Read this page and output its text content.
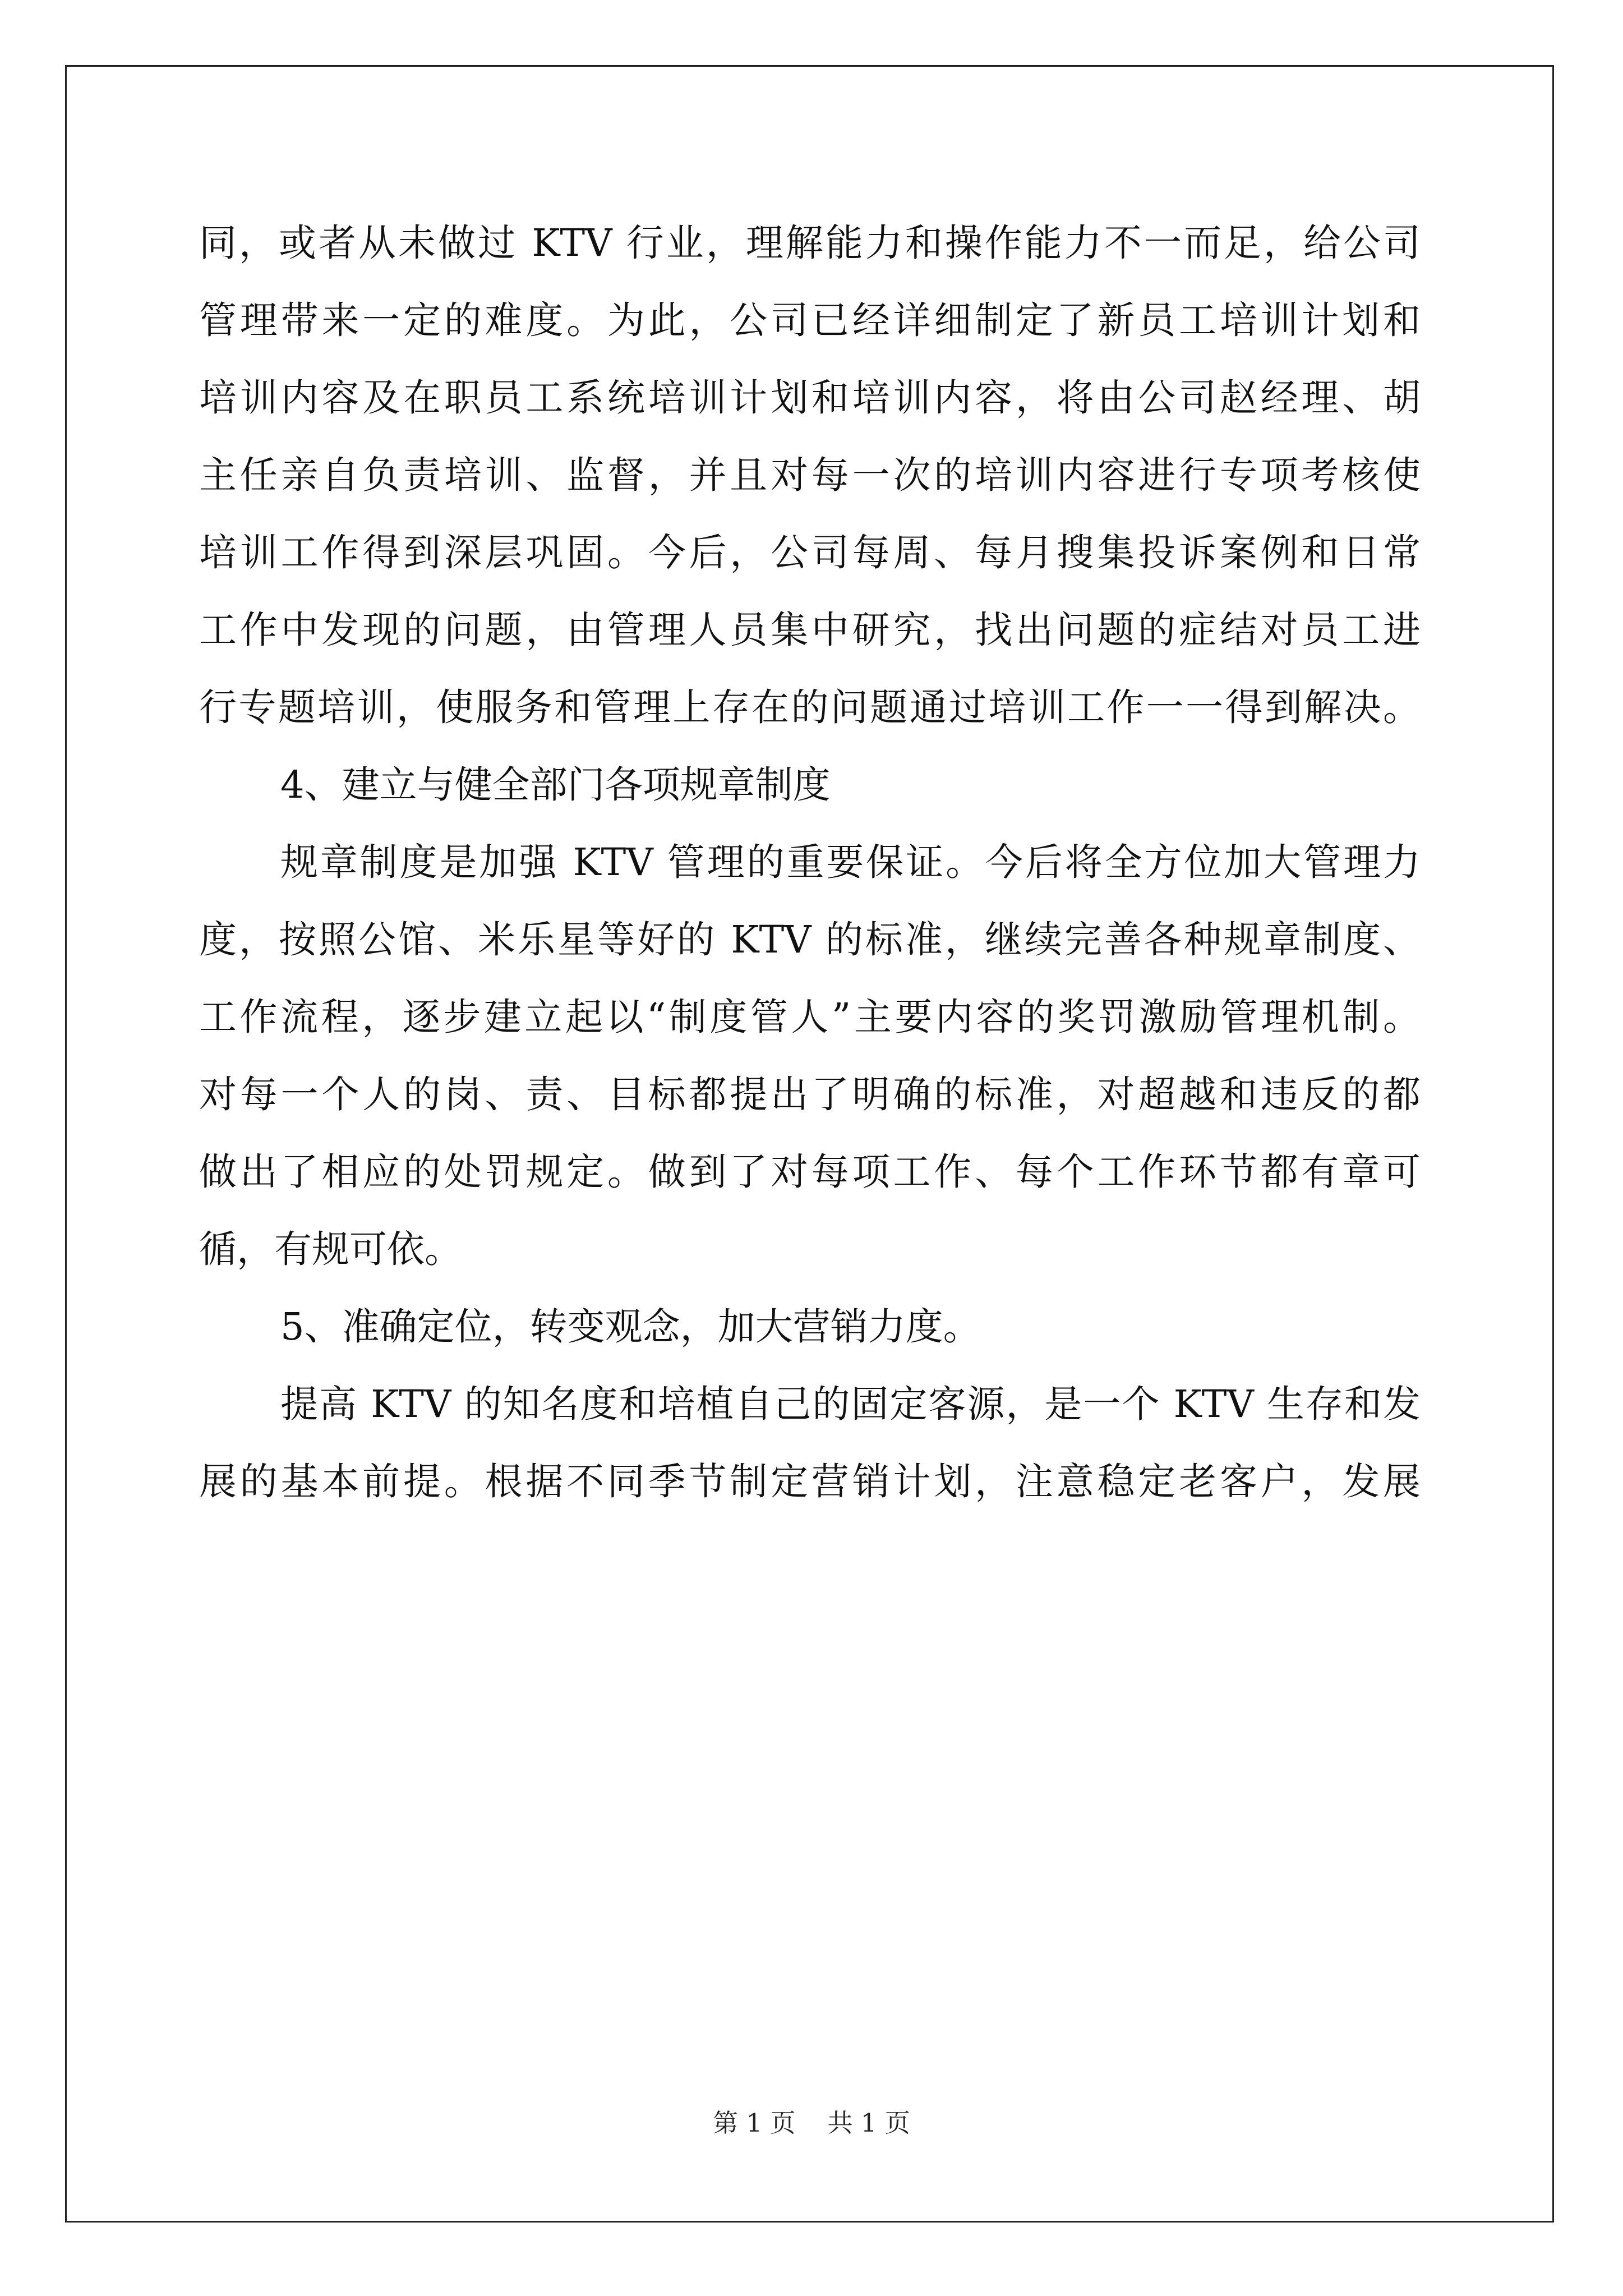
同，或者从未做过 KTV 行业，理解能力和操作能力不一而足，给公司
管理带来一定的难度。为此，公司已经详细制定了新员工培训计划和
培训内容及在职员工系统培训计划和培训内容，将由公司赵经理、胡
主任亲自负责培训、监督，并且对每一次的培训内容进行专项考核使
培训工作得到深层巩固。今后，公司每周、每月搜集投诉案例和日常
工作中发现的问题，由管理人员集中研究，找出问题的症结对员工进
行专题培训，使服务和管理上存在的问题通过培训工作一一得到解决。
4、建立与健全部门各项规章制度
规章制度是加强 KTV 管理的重要保证。今后将全方位加大管理力
度，按照公馆、米乐星等好的 KTV 的标准，继续完善各种规章制度、
工作流程，逐步建立起以“制度管人”主要内容的奖罚激励管理机制。
对每一个人的岗、责、目标都提出了明确的标准，对超越和违反的都
做出了相应的处罚规定。做到了对每项工作、每个工作环节都有章可
循，有规可依。
5、准确定位，转变观念，加大营销力度。
提高 KTV 的知名度和培植自己的固定客源，是一个 KTV 生存和发
展的基本前提。根据不同季节制定营销计划，注意稳定老客户，发展
第 1 页    共 1 页
